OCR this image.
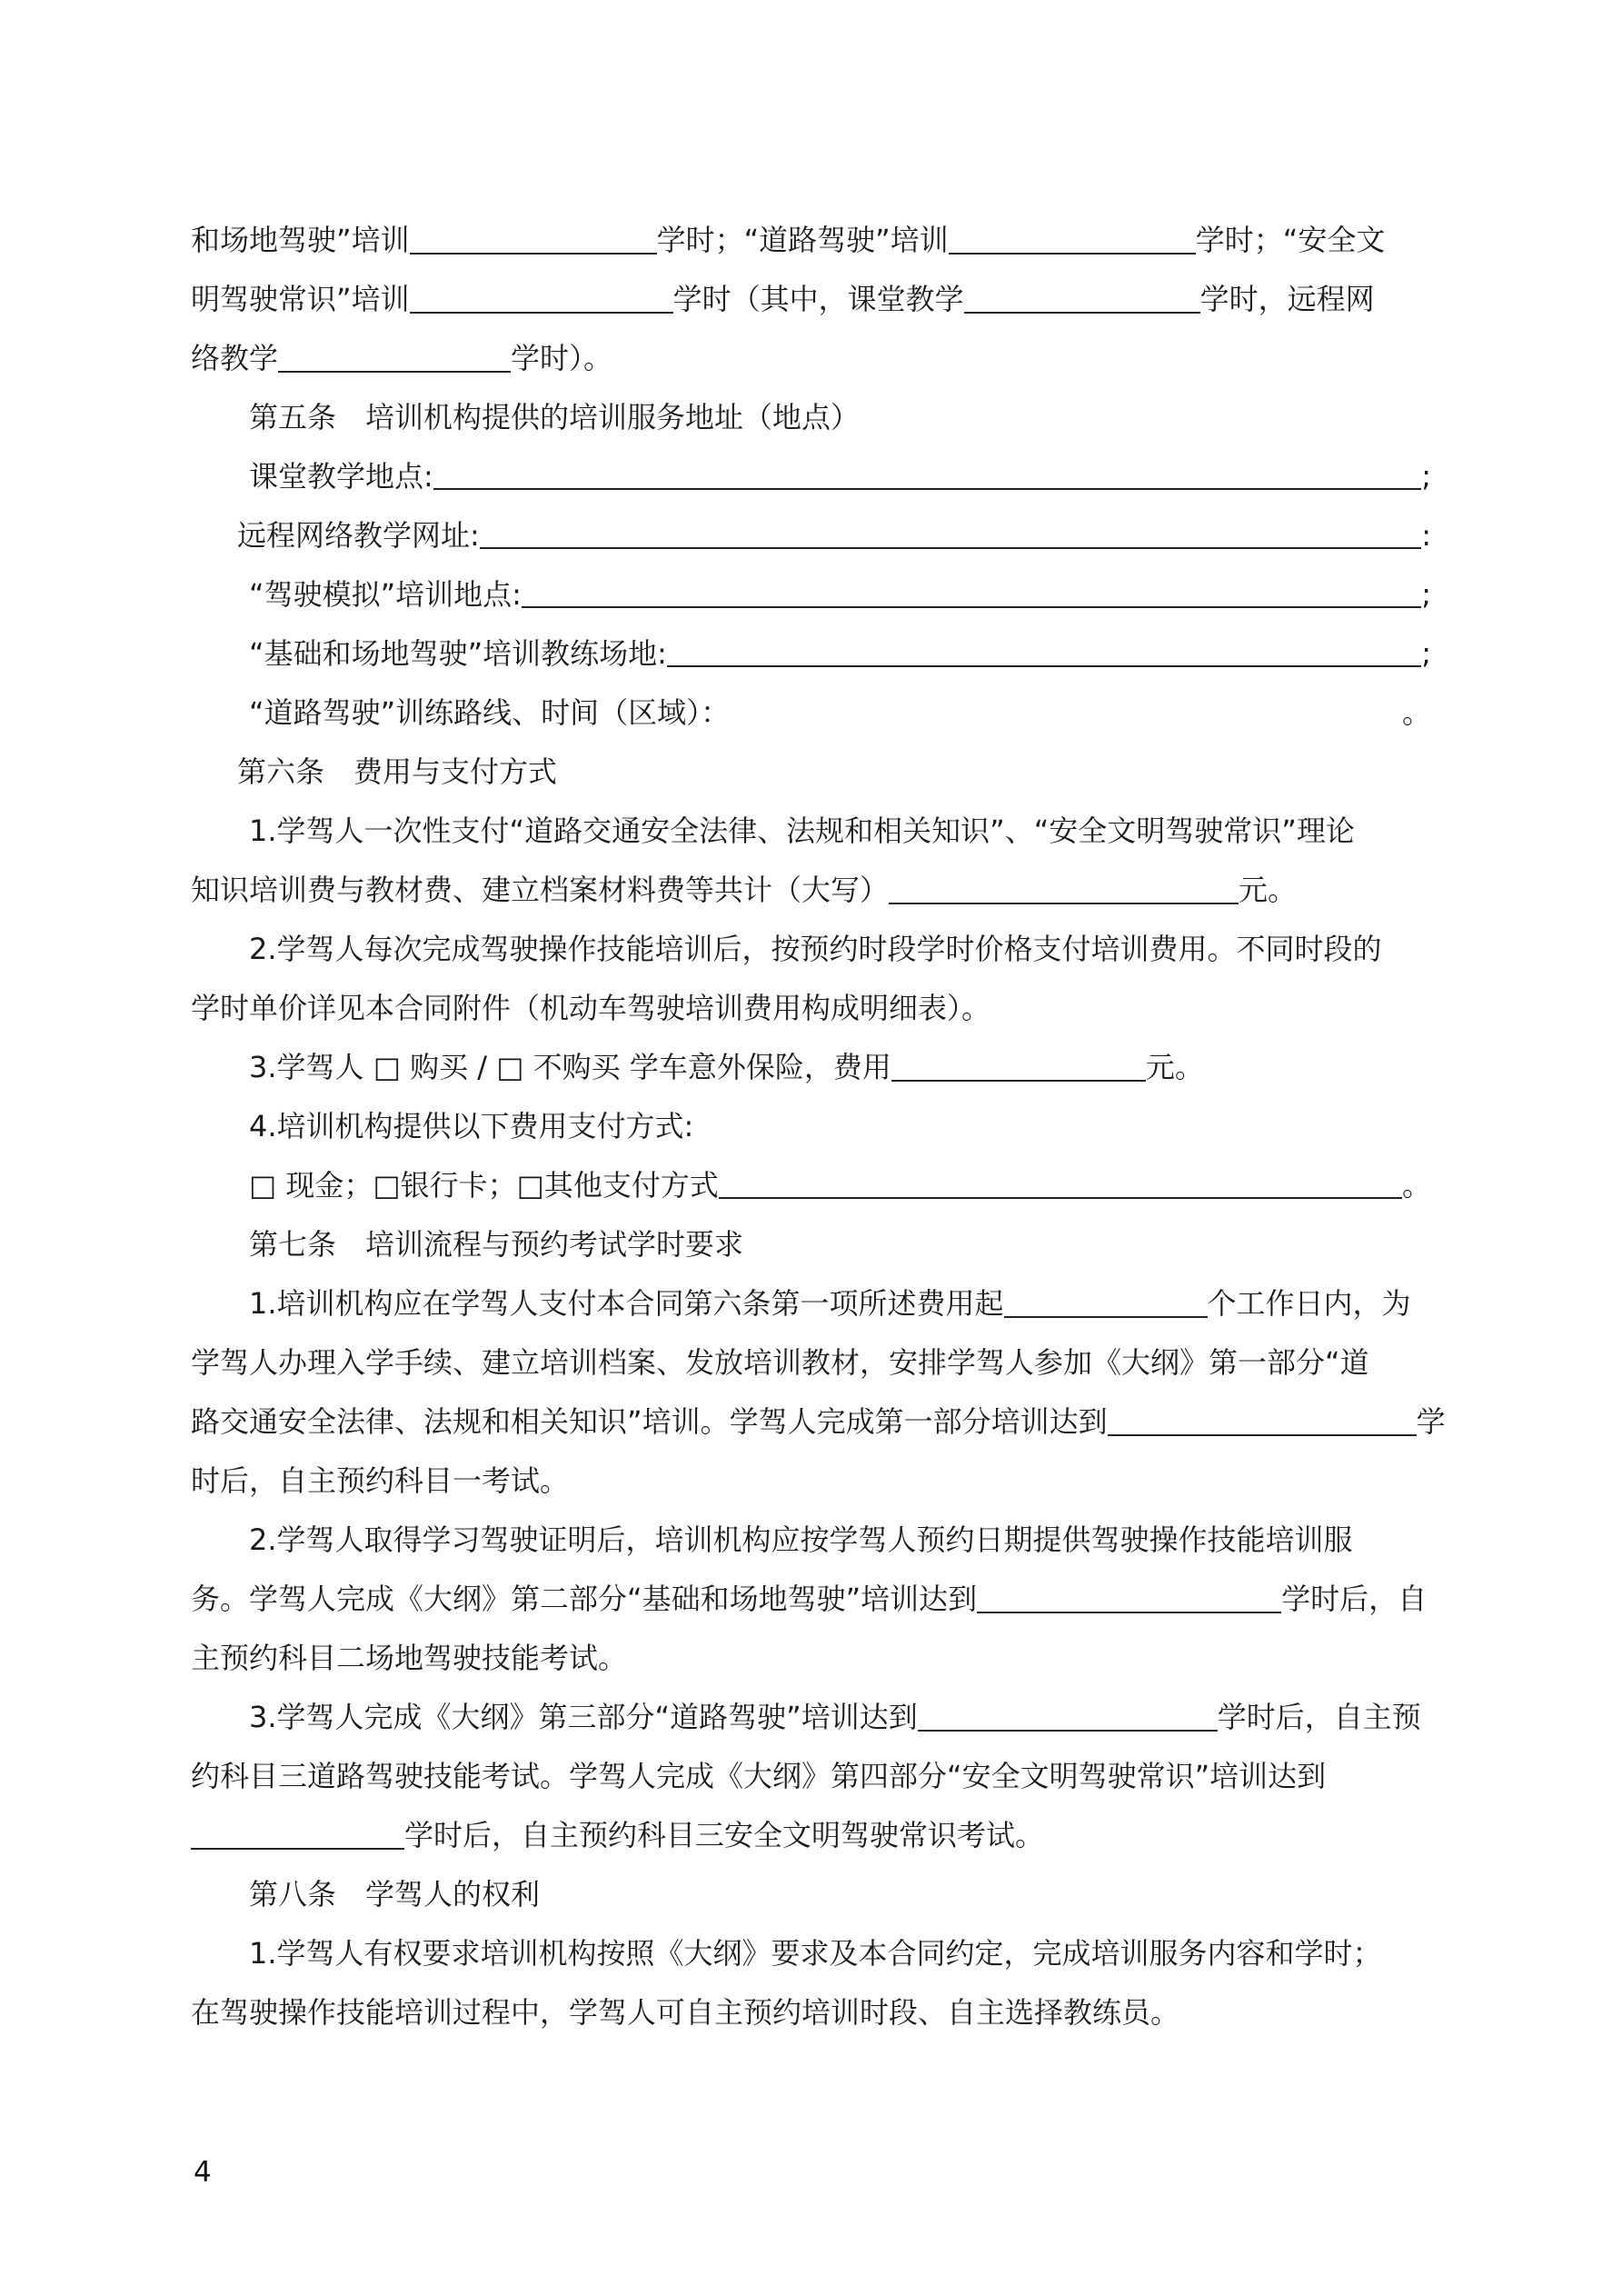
和场地驾驶”培训	学时；“道路驾驶”培训	学时；“安全文
明驾驶常识”培训	学时（其中，课堂教学	学时，远程网
络教学	学时）。
第五条　培训机构提供的培训服务地址（地点）
课堂教学地点:	;
远程网络教学网址:	:
“驾驶模拟”培训地点:	;
“基础和场地驾驶”培训教练场地:	;
“道路驾驶”训练路线、时间（区域）：	。
第六条　费用与支付方式
1.学驾人一次性支付“道路交通安全法律、法规和相关知识”、“安全文明驾驶常识”理论
知识培训费与教材费、建立档案材料费等共计（大写）	元。
2.学驾人每次完成驾驶操作技能培训后，按预约时段学时价格支付培训费用。不同时段的
学时单价详见本合同附件（机动车驾驶培训费用构成明细表）。
3.学驾人 □ 购买 / □ 不购买 学车意外保险，费用	元。
4.培训机构提供以下费用支付方式:
□ 现金；□银行卡；□其他支付方式	。
第七条　培训流程与预约考试学时要求
1.培训机构应在学驾人支付本合同第六条第一项所述费用起	个工作日内，为
学驾人办理入学手续、建立培训档案、发放培训教材，安排学驾人参加《大纲》第一部分“道
路交通安全法律、法规和相关知识”培训。学驾人完成第一部分培训达到	学
时后，自主预约科目一考试。
2.学驾人取得学习驾驶证明后，培训机构应按学驾人预约日期提供驾驶操作技能培训服
务。学驾人完成《大纲》第二部分“基础和场地驾驶”培训达到	学时后，自
主预约科目二场地驾驶技能考试。
3.学驾人完成《大纲》第三部分“道路驾驶”培训达到	学时后，自主预
约科目三道路驾驶技能考试。学驾人完成《大纲》第四部分“安全文明驾驶常识”培训达到
学时后，自主预约科目三安全文明驾驶常识考试。
第八条　学驾人的权利
1.学驾人有权要求培训机构按照《大纲》要求及本合同约定，完成培训服务内容和学时；
在驾驶操作技能培训过程中，学驾人可自主预约培训时段、自主选择教练员。
4
